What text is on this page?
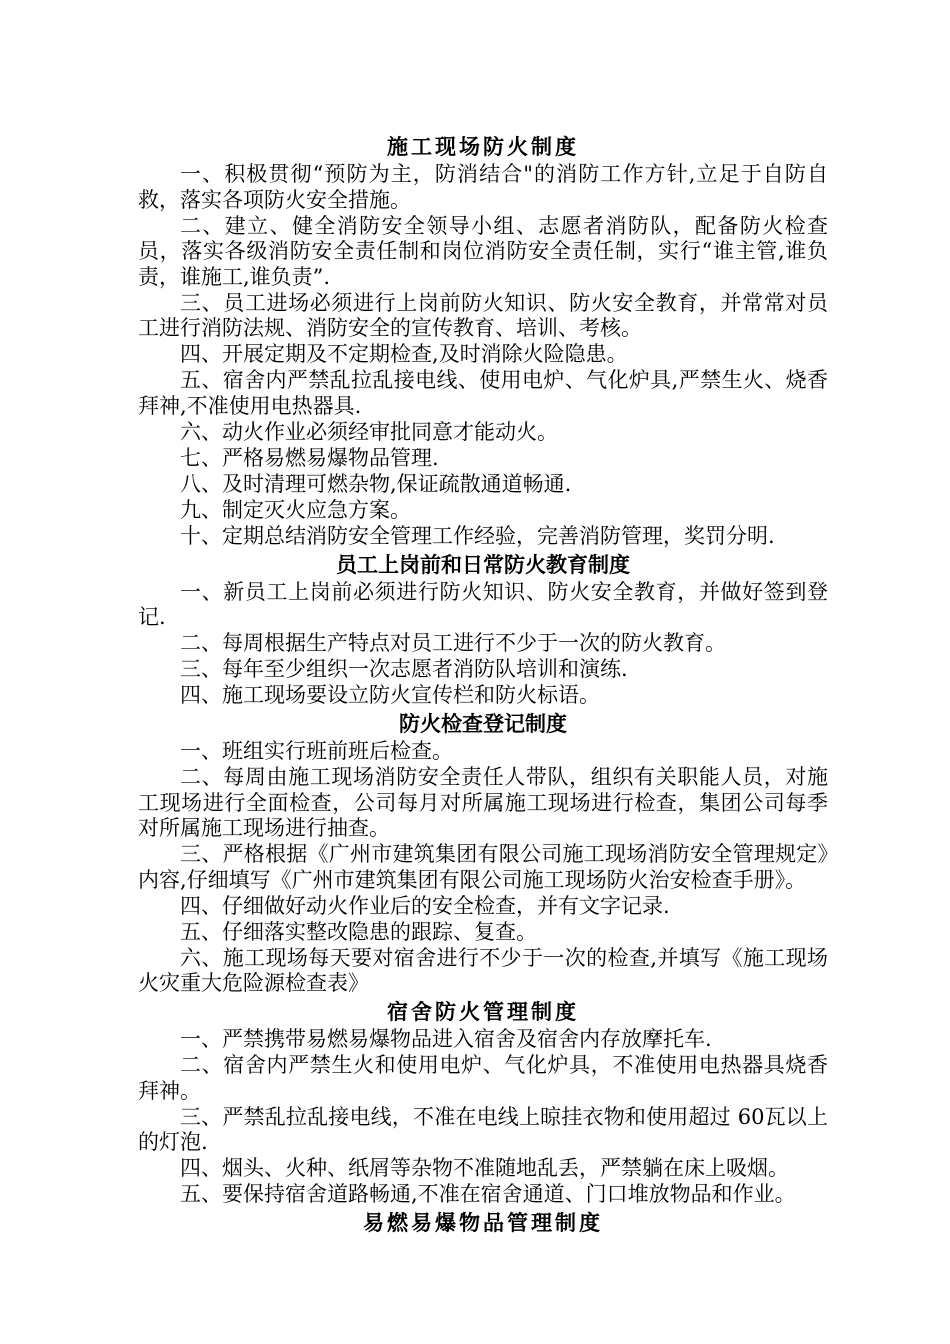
施工现场防火制度

一、积极贯彻“预防为主，防消结合"的消防工作方针,立足于自防自救，落实各项防火安全措施。

二、建立、健全消防安全领导小组、志愿者消防队，配备防火检查员，落实各级消防安全责任制和岗位消防安全责任制，实行“谁主管,谁负责，谁施工,谁负责”.

三、员工进场必须进行上岗前防火知识、防火安全教育，并常常对员工进行消防法规、消防安全的宣传教育、培训、考核。

四、开展定期及不定期检查,及时消除火险隐患。

五、宿舍内严禁乱拉乱接电线、使用电炉、气化炉具,严禁生火、烧香拜神,不准使用电热器具.

六、动火作业必须经审批同意才能动火。

七、严格易燃易爆物品管理.

八、及时清理可燃杂物,保证疏散通道畅通.

九、制定灭火应急方案。

十、定期总结消防安全管理工作经验，完善消防管理，奖罚分明.

员工上岗前和日常防火教育制度

一、新员工上岗前必须进行防火知识、防火安全教育，并做好签到登记.

二、每周根据生产特点对员工进行不少于一次的防火教育。

三、每年至少组织一次志愿者消防队培训和演练.

四、施工现场要设立防火宣传栏和防火标语。

防火检查登记制度

一、班组实行班前班后检查。

二、每周由施工现场消防安全责任人带队，组织有关职能人员，对施工现场进行全面检查，公司每月对所属施工现场进行检查，集团公司每季对所属施工现场进行抽查。

三、严格根据《广州市建筑集团有限公司施工现场消防安全管理规定》内容,仔细填写《广州市建筑集团有限公司施工现场防火治安检查手册》。

四、仔细做好动火作业后的安全检查，并有文字记录.

五、仔细落实整改隐患的跟踪、复查。

六、施工现场每天要对宿舍进行不少于一次的检查,并填写《施工现场火灾重大危险源检查表》

宿舍防火管理制度

一、严禁携带易燃易爆物品进入宿舍及宿舍内存放摩托车.

二、宿舍内严禁生火和使用电炉、气化炉具，不准使用电热器具烧香拜神。

三、严禁乱拉乱接电线，不准在电线上晾挂衣物和使用超过 60瓦以上的灯泡.

四、烟头、火种、纸屑等杂物不准随地乱丢，严禁躺在床上吸烟。

五、要保持宿舍道路畅通,不准在宿舍通道、门口堆放物品和作业。

易燃易爆物品管理制度
